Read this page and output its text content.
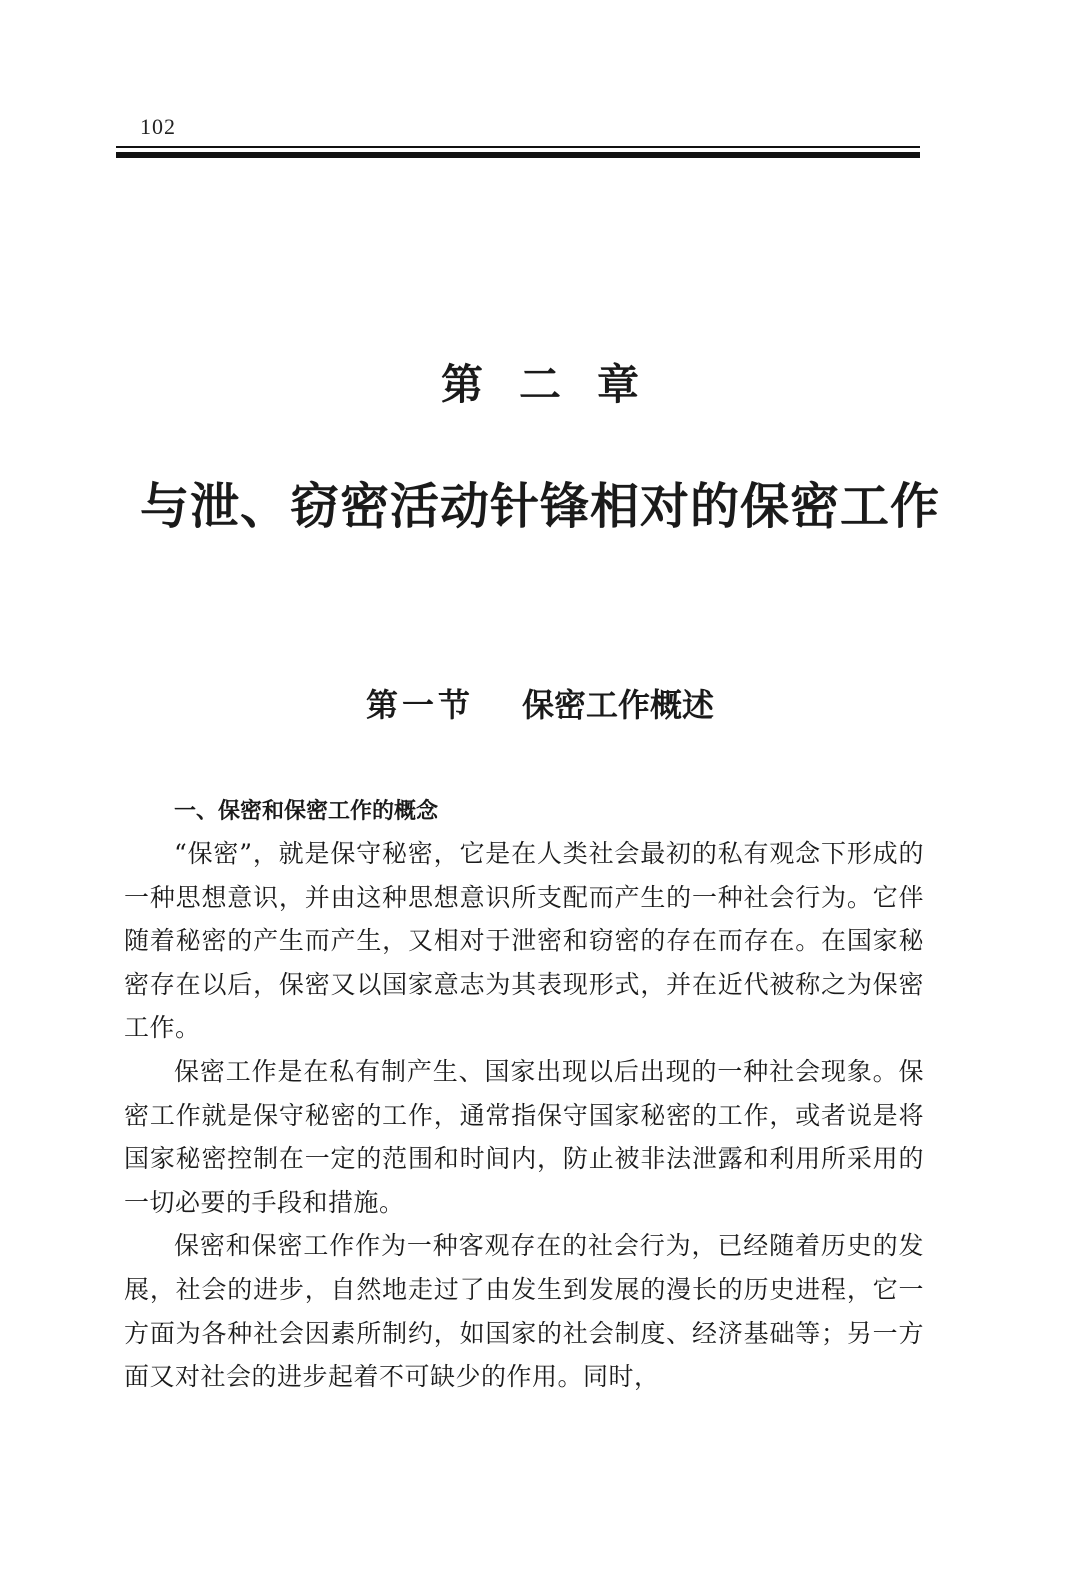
102
第二章
与泄、窃密活动针锋相对的保密工作
第一节 保密工作概述
一、保密和保密工作的概念

“保密”，就是保守秘密，它是在人类社会最初的私有观念下形成的一种思想意识，并由这种思想意识所支配而产生的一种社会行为。它伴随着秘密的产生而产生，又相对于泄密和窃密的存在而存在。在国家秘密存在以后，保密又以国家意志为其表现形式，并在近代被称之为保密工作。

保密工作是在私有制产生、国家出现以后出现的一种社会现象。保密工作就是保守秘密的工作，通常指保守国家秘密的工作，或者说是将国家秘密控制在一定的范围和时间内，防止被非法泄露和利用所采用的一切必要的手段和措施。

保密和保密工作作为一种客观存在的社会行为，已经随着历史的发展，社会的进步，自然地走过了由发生到发展的漫长的历史进程，它一方面为各种社会因素所制约，如国家的社会制度、经济基础等；另一方面又对社会的进步起着不可缺少的作用。同时，
